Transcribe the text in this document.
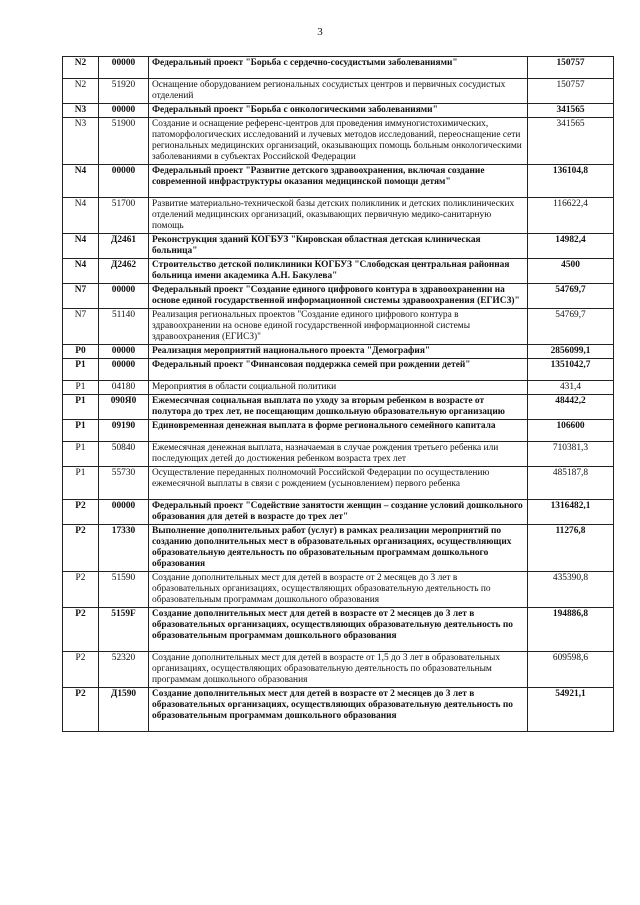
3
N2	00000	Федеральный проект "Борьба с сердечно-сосудистыми заболеваниями"	150757
N2	51920	Оснащение оборудованием региональных сосудистых центров и первичных сосудистых отделений	150757
N3	00000	Федеральный проект "Борьба с онкологическими заболеваниями"	341565
N3	51900	Создание и оснащение референс-центров для проведения иммуногистохимических, патоморфологических исследований и лучевых методов исследований, переоснащение сети региональных медицинских организаций, оказывающих помощь больным онкологическими заболеваниями в субъектах Российской Федерации	341565
N4	00000	Федеральный проект "Развитие детского здравоохранения, включая создание современной инфраструктуры оказания медицинской помощи детям"	136104,8
N4	51700	Развитие материально-технической базы детских поликлиник и детских поликлинических отделений медицинских организаций, оказывающих первичную медико-санитарную помощь	116622,4
N4	Д2461	Реконструкция зданий КОГБУЗ "Кировская областная детская клиническая больница"	14982,4
N4	Д2462	Строительство детской поликлиники КОГБУЗ "Слободская центральная районная больница имени академика А.Н. Бакулева"	4500
N7	00000	Федеральный проект "Создание единого цифрового контура в здравоохранении на основе единой государственной информационной системы здравоохранения (ЕГИСЗ)"	54769,7
N7	51140	Реализация региональных проектов "Создание единого цифрового контура в здравоохранении на основе единой государственной информационной системы здравоохранения (ЕГИСЗ)"	54769,7
P0	00000	Реализация мероприятий национального проекта "Демография"	2856099,1
P1	00000	Федеральный проект "Финансовая поддержка семей при рождении детей"	1351042,7
P1	04180	Мероприятия в области социальной политики	431,4
P1	090Я0	Ежемесячная социальная выплата по уходу за вторым ребенком в возрасте от полутора до трех лет, не посещающим дошкольную образовательную организацию	48442,2
P1	09190	Единовременная денежная выплата в форме регионального семейного капитала	106600
P1	50840	Ежемесячная денежная выплата, назначаемая в случае рождения третьего ребенка или последующих детей до достижения ребенком возраста трех лет	710381,3
P1	55730	Осуществление переданных полномочий Российской Федерации по осуществлению ежемесячной выплаты в связи с рождением (усыновлением) первого ребенка	485187,8
P2	00000	Федеральный проект "Содействие занятости женщин – создание условий дошкольного образования для детей в возрасте до трех лет"	1316482,1
P2	17330	Выполнение дополнительных работ (услуг) в рамках реализации мероприятий по созданию дополнительных мест в образовательных организациях, осуществляющих образовательную деятельность по образовательным программам дошкольного образования	11276,8
P2	51590	Создание дополнительных мест для детей в возрасте от 2 месяцев до 3 лет в образовательных организациях, осуществляющих образовательную деятельность по образовательным программам дошкольного образования	435390,8
P2	5159F	Создание дополнительных мест для детей в возрасте от 2 месяцев до 3 лет в образовательных организациях, осуществляющих образовательную деятельность по образовательным программам дошкольного образования	194886,8
P2	52320	Создание дополнительных мест для детей в возрасте от 1,5 до 3 лет в образовательных организациях, осуществляющих образовательную деятельность по образовательным программам дошкольного образования	609598,6
P2	Д1590	Создание дополнительных мест для детей в возрасте от 2 месяцев до 3 лет в образовательных организациях, осуществляющих образовательную деятельность по образовательным программам дошкольного образования	54921,1
